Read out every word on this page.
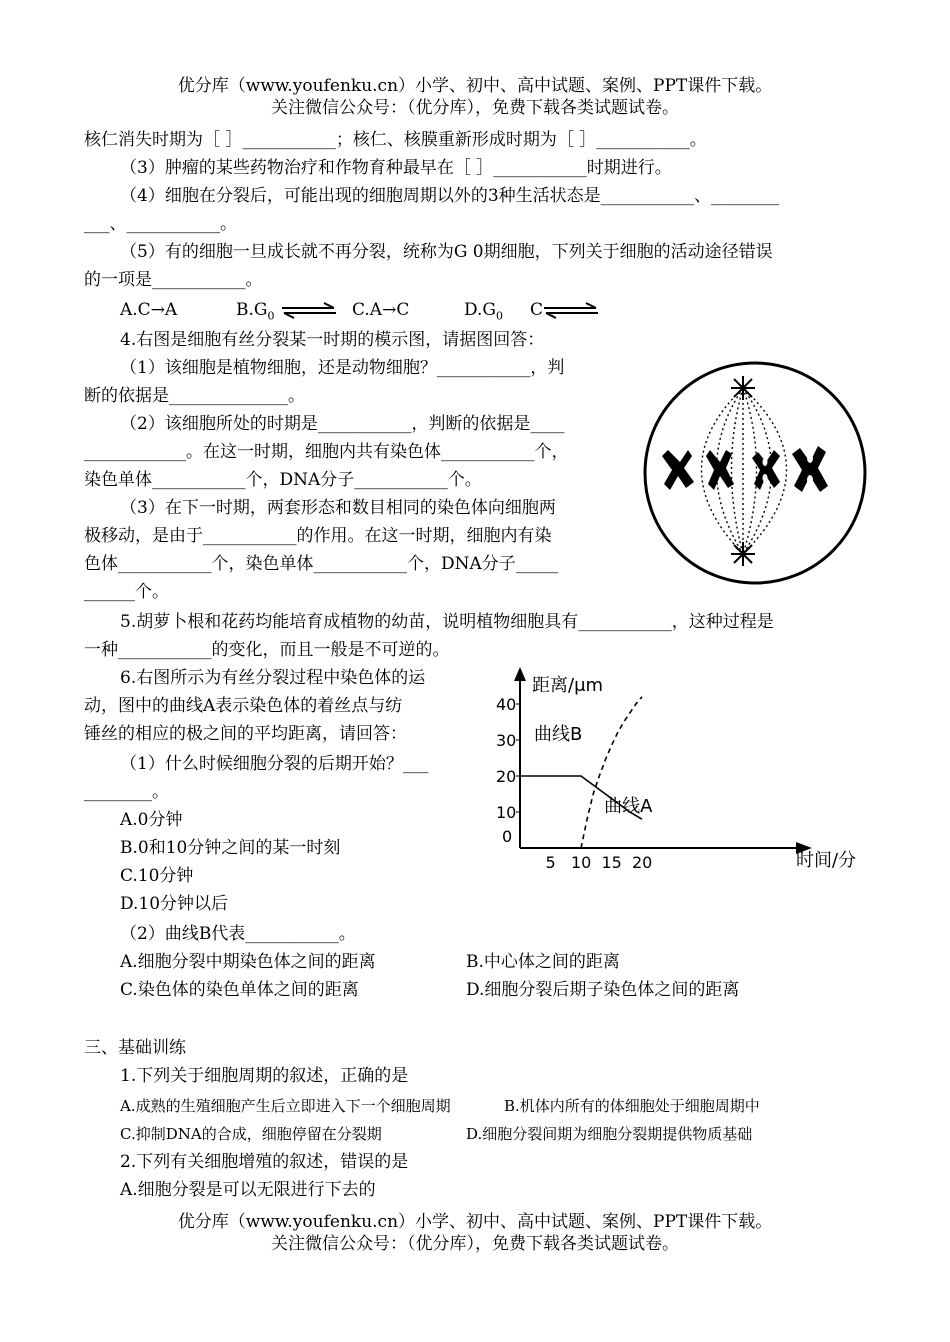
优分库（www.youfenku.cn）小学、初中、高中试题、案例、PPT课件下载。
关注微信公众号：（优分库），免费下载各类试题试卷。
核仁消失时期为［ ］___________；核仁、核膜重新形成时期为［ ］___________。
（3）肿瘤的某些药物治疗和作物育种最早在［ ］___________时期进行。
（4）细胞在分裂后，可能出现的细胞周期以外的3种生活状态是___________、________
___、___________。
（5）有的细胞一旦成长就不再分裂，统称为G 0期细胞，下列关于细胞的活动途径错误
的一项是___________。
A.C→A	$B.G_0$ ⇌ C.A→C	$D.G_0$ C
4.右图是细胞有丝分裂某一时期的模示图，请据图回答：
（1）该细胞是植物细胞，还是动物细胞？___________，判
断的依据是______________。
（2）该细胞所处的时期是___________，判断的依据是____
____________。在这一时期，细胞内共有染色体___________个，
染色单体___________个，DNA分子___________个。
（3）在下一时期，两套形态和数目相同的染色体向细胞两
极移动，是由于___________的作用。在这一时期，细胞内有染
色体___________个，染色单体___________个，DNA分子_____
______个。
5.胡萝卜根和花药均能培育成植物的幼苗，说明植物细胞具有___________，这种过程是
一种___________的变化，而且一般是不可逆的。
6.右图所示为有丝分裂过程中染色体的运
动，图中的曲线A表示染色体的着丝点与纺
锤丝的相应的极之间的平均距离，请回答：
（1）什么时候细胞分裂的后期开始？___
________。
A.0分钟
B.0和10分钟之间的某一时刻
C.10分钟
D.10分钟以后
（2）曲线B代表___________。
A.细胞分裂中期染色体之间的距离	B.中心体之间的距离
C.染色体的染色单体之间的距离	D.细胞分裂后期子染色体之间的距离
距离/μm
时间/分
0
5 10 15 20
10
20
30
40
曲线A
曲线B
三、基础训练
1.下列关于细胞周期的叙述，正确的是
A.成熟的生殖细胞产生后立即进入下一个细胞周期	B.机体内所有的体细胞处于细胞周期中
C.抑制DNA的合成，细胞停留在分裂期	D.细胞分裂间期为细胞分裂期提供物质基础
2.下列有关细胞增殖的叙述，错误的是
A.细胞分裂是可以无限进行下去的
优分库（www.youfenku.cn）小学、初中、高中试题、案例、PPT课件下载。
关注微信公众号：（优分库），免费下载各类试题试卷。
